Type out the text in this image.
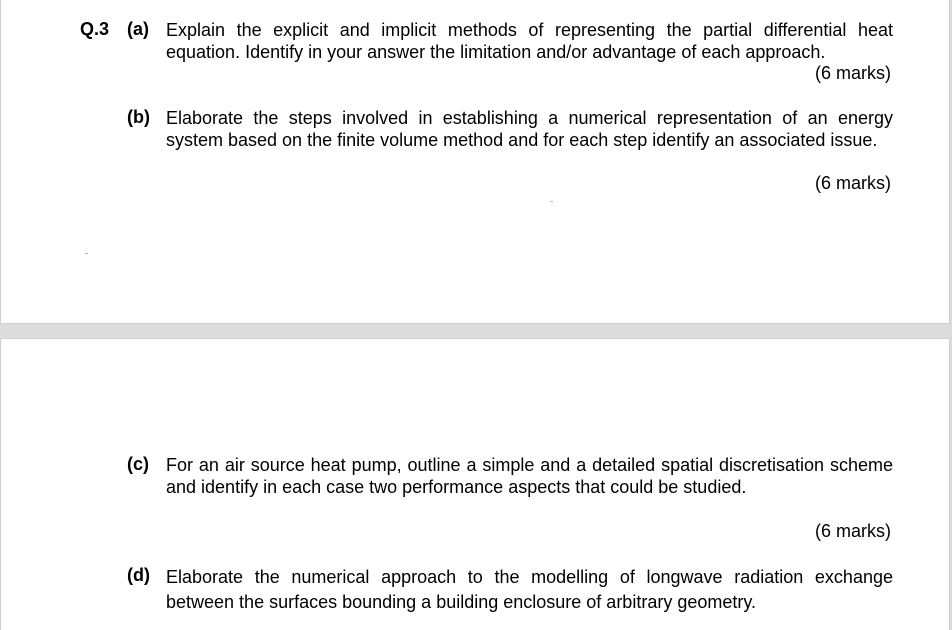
Q.3 (a) Explain the explicit and implicit methods of representing the partial differential heat equation. Identify in your answer the limitation and/or advantage of each approach.
(6 marks)
(b) Elaborate the steps involved in establishing a numerical representation of an energy system based on the finite volume method and for each step identify an associated issue.
(6 marks)
(c) For an air source heat pump, outline a simple and a detailed spatial discretisation scheme and identify in each case two performance aspects that could be studied.
(6 marks)
(d) Elaborate the numerical approach to the modelling of longwave radiation exchange between the surfaces bounding a building enclosure of arbitrary geometry.
